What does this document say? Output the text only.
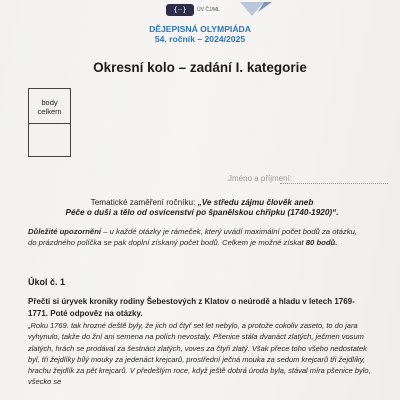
{··}	ÚV ČJ/ML
DĚJEPISNÁ OLYMPIÁDA
54. ročník – 2024/2025
Okresní kolo – zadání I. kategorie
body
celkem
Jméno a příjmení:
Tematické zaměření ročníku: „Ve středu zájmu člověk aneb
Péče o duši a tělo od osvícenství po španělskou chřipku (1740-1920)“.
Důležité upozornění – u každé otázky je rámeček, který uvádí maximální počet bodů za otázku, do prázdného políčka se pak doplní získaný počet bodů. Celkem je možné získat 80 bodů.
Úkol č. 1
Přečti si úryvek kroniky rodiny Šebestových z Klatov o neúrodě a hladu v letech 1769-1771. Poté odpověz na otázky.
„Roku 1769. tak hrozné deště byly, že jich od čtyř set let nebylo, a protože cokoliv zaseto, to do jara vyhynulo, takže do žní ani semena na polích nevostaly. Pšenice stála dvanáct zlatých, ječmen vosum zlatých, hrách se prodával za šestnáct zlatých, voves za čtyři zlatý. Však přece toho všeho nedostatek byl, tři žejdlíky bílý mouky za jedenáct krejcarů, prostřední ječná mouka za sedum krejcarů tři žejdlíky, hrachu žejdlík za pět krejcarů. V předešlým roce, když ještě dobrá úroda byla, stával míra pšenice bylo, všecko se
